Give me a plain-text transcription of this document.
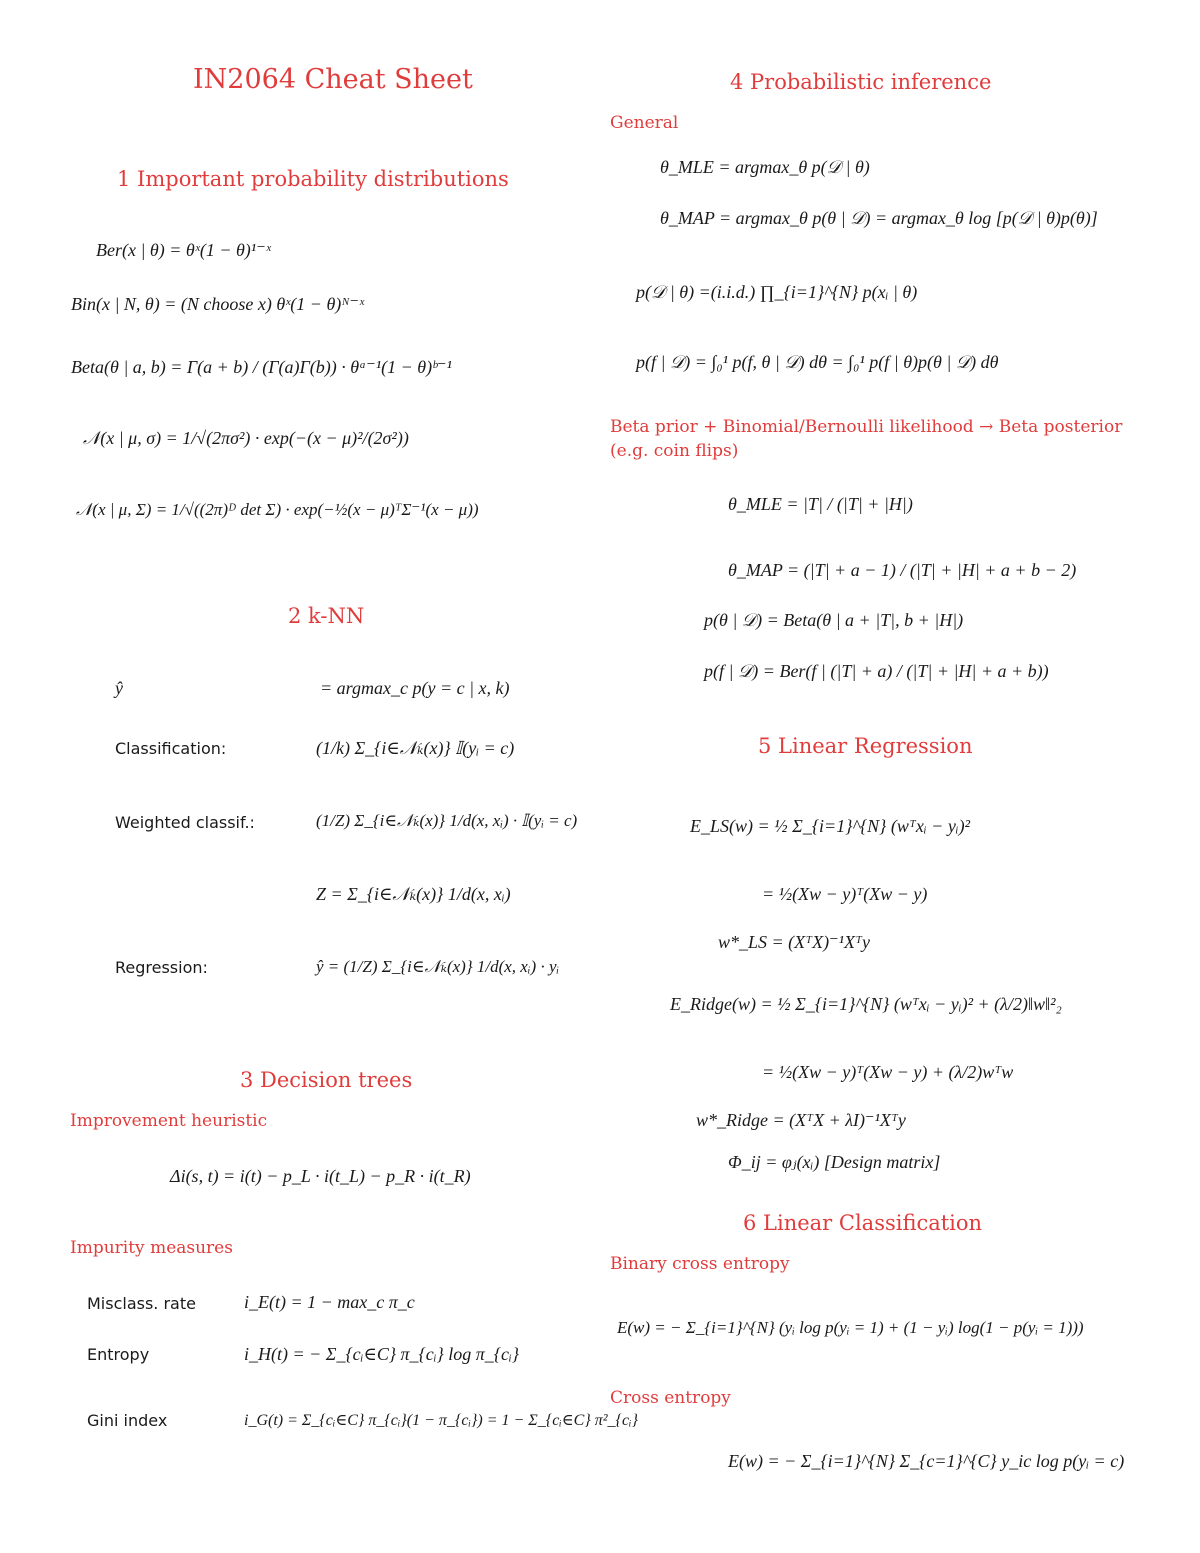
IN2064 Cheat Sheet
1 Important probability distributions
Ber(x | θ) = θˣ(1 − θ)¹⁻ˣ
Bin(x | N, θ) = (N choose x) θˣ(1 − θ)ᴺ⁻ˣ
Beta(θ | a, b) = Γ(a + b) / (Γ(a)Γ(b)) · θᵃ⁻¹(1 − θ)ᵇ⁻¹
𝒩(x | μ, σ) = 1/√(2πσ²) · exp(−(x − μ)²/(2σ²))
𝒩(x | μ, Σ) = 1/√((2π)ᴰ det Σ) · exp(−½(x − μ)ᵀΣ⁻¹(x − μ))
2 k-NN
ŷ	= argmax_c p(y = c | x, k)
Classification:	(1/k) Σ_{i∈𝒩ₖ(x)} 𝕀(yᵢ = c)
Weighted classif.:	(1/Z) Σ_{i∈𝒩ₖ(x)} 1/d(x, xᵢ) · 𝕀(yᵢ = c)
Z = Σ_{i∈𝒩ₖ(x)} 1/d(x, xᵢ)
Regression:	ŷ = (1/Z) Σ_{i∈𝒩ₖ(x)} 1/d(x, xᵢ) · yᵢ
3 Decision trees
Improvement heuristic
Δi(s, t) = i(t) − p_L · i(t_L) − p_R · i(t_R)
Impurity measures
Misclass. rate	i_E(t) = 1 − max_c π_c
Entropy	i_H(t) = − Σ_{cᵢ∈C} π_{cᵢ} log π_{cᵢ}
Gini index	i_G(t) = Σ_{cᵢ∈C} π_{cᵢ}(1 − π_{cᵢ}) = 1 − Σ_{cᵢ∈C} π²_{cᵢ}
4 Probabilistic inference
General
θ_MLE = argmax_θ p(𝒟 | θ)
θ_MAP = argmax_θ p(θ | 𝒟) = argmax_θ log [p(𝒟 | θ)p(θ)]
p(𝒟 | θ) =(i.i.d.) ∏_{i=1}^{N} p(xᵢ | θ)
p(f | 𝒟) = ∫₀¹ p(f, θ | 𝒟) dθ = ∫₀¹ p(f | θ)p(θ | 𝒟) dθ
Beta prior + Binomial/Bernoulli likelihood → Beta posterior (e.g. coin flips)
θ_MLE = |T| / (|T| + |H|)
θ_MAP = (|T| + a − 1) / (|T| + |H| + a + b − 2)
p(θ | 𝒟) = Beta(θ | a + |T|, b + |H|)
p(f | 𝒟) = Ber(f | (|T| + a) / (|T| + |H| + a + b))
5 Linear Regression
E_LS(w) = ½ Σ_{i=1}^{N} (wᵀxᵢ − yᵢ)²
= ½(Xw − y)ᵀ(Xw − y)
w*_LS = (XᵀX)⁻¹Xᵀy
E_Ridge(w) = ½ Σ_{i=1}^{N} (wᵀxᵢ − yᵢ)² + (λ/2)‖w‖²₂
= ½(Xw − y)ᵀ(Xw − y) + (λ/2)wᵀw
w*_Ridge = (XᵀX + λI)⁻¹Xᵀy
Φ_ij = φⱼ(xᵢ) [Design matrix]
6 Linear Classification
Binary cross entropy
E(w) = − Σ_{i=1}^{N} (yᵢ log p(yᵢ = 1) + (1 − yᵢ) log(1 − p(yᵢ = 1)))
Cross entropy
E(w) = − Σ_{i=1}^{N} Σ_{c=1}^{C} y_ic log p(yᵢ = c)
